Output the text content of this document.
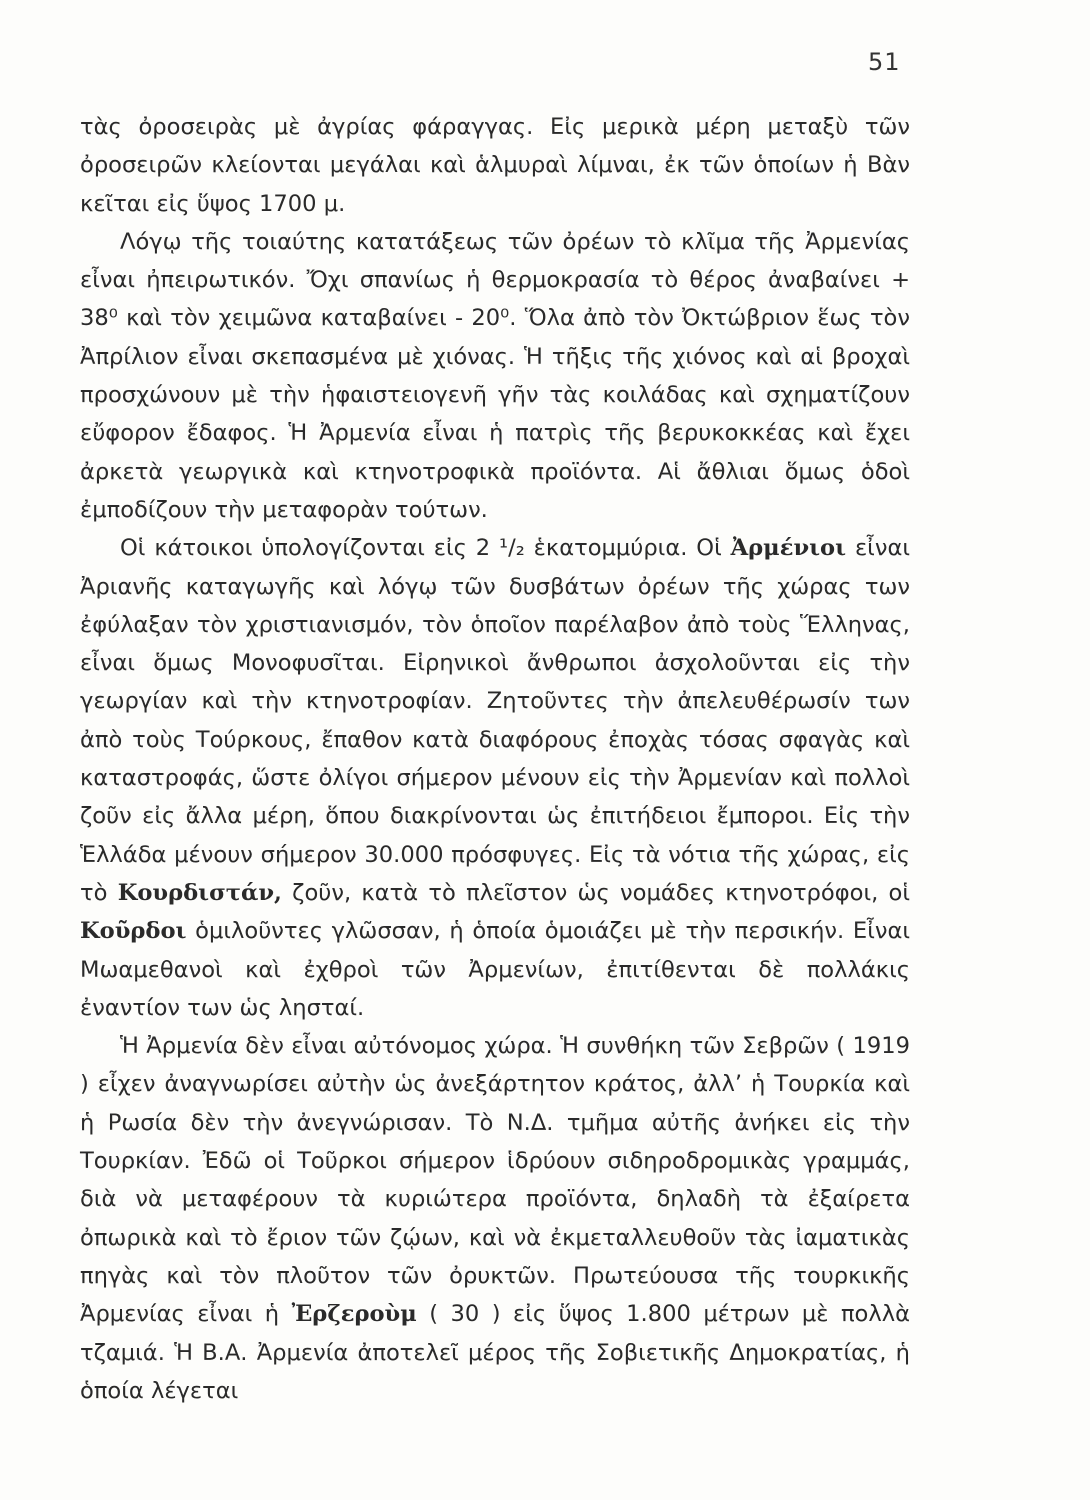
51

τὰς ὀροσειρὰς μὲ ἀγρίας φάραγγας. Εἰς μερικὰ μέρη μεταξὺ τῶν ὀροσειρῶν κλείονται μεγάλαι καὶ ἁλμυραὶ λίμναι, ἐκ τῶν ὁποίων ἡ Βὰν κεῖται εἰς ὕψος 1700 μ.

Λόγῳ τῆς τοιαύτης κατατάξεως τῶν ὀρέων τὸ κλῖμα τῆς Ἀρμενίας εἶναι ἠπειρωτικόν. Ὄχι σπανίως ἡ θερμοκρασία τὸ θέρος ἀναβαίνει + 38⁰ καὶ τὸν χειμῶνα καταβαίνει - 20⁰. Ὅλα ἀπὸ τὸν Ὀκτώβριον ἕως τὸν Ἀπρίλιον εἶναι σκεπασμένα μὲ χιόνας. Ἡ τῆξις τῆς χιόνος καὶ αἱ βροχαὶ προσχώνουν μὲ τὴν ἡφαιστειογενῆ γῆν τὰς κοιλάδας καὶ σχηματίζουν εὔφορον ἔδαφος. Ἡ Ἀρμενία εἶναι ἡ πατρὶς τῆς βερυκοκκέας καὶ ἔχει ἀρκετὰ γεωργικὰ καὶ κτηνοτροφικὰ προϊόντα. Αἱ ἄθλιαι ὅμως ὁδοὶ ἐμποδίζουν τὴν μεταφορὰν τούτων.

Οἱ κάτοικοι ὑπολογίζονται εἰς 2 ¹/₂ ἑκατομμύρια. Οἱ Ἀρμένιοι εἶναι Ἀριανῆς καταγωγῆς καὶ λόγῳ τῶν δυσβάτων ὀρέων τῆς χώρας των ἐφύλαξαν τὸν χριστιανισμόν, τὸν ὁποῖον παρέλαβον ἀπὸ τοὺς Ἕλληνας, εἶναι ὅμως Μονοφυσῖται. Εἰρηνικοὶ ἄνθρωποι ἀσχολοῦνται εἰς τὴν γεωργίαν καὶ τὴν κτηνοτροφίαν. Ζητοῦντες τὴν ἀπελευθέρωσίν των ἀπὸ τοὺς Τούρκους, ἔπαθον κατὰ διαφόρους ἐποχὰς τόσας σφαγὰς καὶ καταστροφάς, ὥστε ὀλίγοι σήμερον μένουν εἰς τὴν Ἀρμενίαν καὶ πολλοὶ ζοῦν εἰς ἄλλα μέρη, ὅπου διακρίνονται ὡς ἐπιτήδειοι ἔμποροι. Εἰς τὴν Ἑλλάδα μένουν σήμερον 30.000 πρόσφυγες. Εἰς τὰ νότια τῆς χώρας, εἰς τὸ Κουρδιστάν, ζοῦν, κατὰ τὸ πλεῖστον ὡς νομάδες κτηνοτρόφοι, οἱ Κοῦρδοι ὁμιλοῦντες γλῶσσαν, ἡ ὁποία ὁμοιάζει μὲ τὴν περσικήν. Εἶναι Μωαμεθανοὶ καὶ ἐχθροὶ τῶν Ἀρμενίων, ἐπιτίθενται δὲ πολλάκις ἐναντίον των ὡς λησταί.

Ἡ Ἀρμενία δὲν εἶναι αὐτόνομος χώρα. Ἡ συνθήκη τῶν Σεβρῶν ( 1919 ) εἶχεν ἀναγνωρίσει αὐτὴν ὡς ἀνεξάρτητον κράτος, ἀλλ’ ἡ Τουρκία καὶ ἡ Ρωσία δὲν τὴν ἀνεγνώρισαν. Τὸ Ν.Δ. τμῆμα αὐτῆς ἀνήκει εἰς τὴν Τουρκίαν. Ἐδῶ οἱ Τοῦρκοι σήμερον ἱδρύουν σιδηροδρομικὰς γραμμάς, διὰ νὰ μεταφέρουν τὰ κυριώτερα προϊόντα, δηλαδὴ τὰ ἐξαίρετα ὀπωρικὰ καὶ τὸ ἔριον τῶν ζῴων, καὶ νὰ ἐκμεταλλευθοῦν τὰς ἰαματικὰς πηγὰς καὶ τὸν πλοῦτον τῶν ὀρυκτῶν. Πρωτεύουσα τῆς τουρκικῆς Ἀρμενίας εἶναι ἡ Ἐρζεροὺμ ( 30 ) εἰς ὕψος 1.800 μέτρων μὲ πολλὰ τζαμιά. Ἡ Β.Α. Ἀρμενία ἀποτελεῖ μέρος τῆς Σοβιετικῆς Δημοκρατίας, ἡ ὁποία λέγεται
